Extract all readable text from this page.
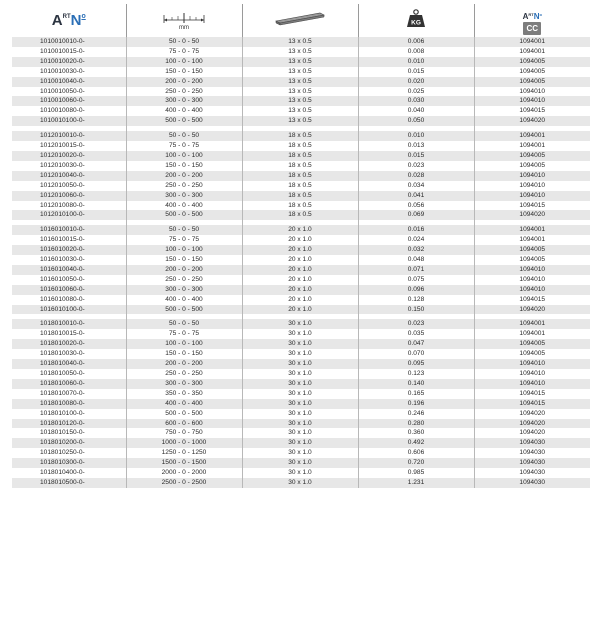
A RT N o	mm		KG	A RT N o
CC

1010010010-0-	50 - 0 - 50	13 x 0.5	0.006	1094001
1010010015-0-	75 - 0 - 75	13 x 0.5	0.008	1094001
1010010020-0-	100 - 0 - 100	13 x 0.5	0.010	1094005
1010010030-0-	150 - 0 - 150	13 x 0.5	0.015	1094005
1010010040-0-	200 - 0 - 200	13 x 0.5	0.020	1094005
1010010050-0-	250 - 0 - 250	13 x 0.5	0.025	1094010
1010010060-0-	300 - 0 - 300	13 x 0.5	0.030	1094010
1010010080-0-	400 - 0 - 400	13 x 0.5	0.040	1094015
1010010100-0-	500 - 0 - 500	13 x 0.5	0.050	1094020

1012010010-0-	50 - 0 - 50	18 x 0.5	0.010	1094001
1012010015-0-	75 - 0 - 75	18 x 0.5	0.013	1094001
1012010020-0-	100 - 0 - 100	18 x 0.5	0.015	1094005
1012010030-0-	150 - 0 - 150	18 x 0.5	0.023	1094005
1012010040-0-	200 - 0 - 200	18 x 0.5	0.028	1094010
1012010050-0-	250 - 0 - 250	18 x 0.5	0.034	1094010
1012010060-0-	300 - 0 - 300	18 x 0.5	0.041	1094010
1012010080-0-	400 - 0 - 400	18 x 0.5	0.056	1094015
1012010100-0-	500 - 0 - 500	18 x 0.5	0.069	1094020

1016010010-0-	50 - 0 - 50	20 x 1.0	0.016	1094001
1016010015-0-	75 - 0 - 75	20 x 1.0	0.024	1094001
1016010020-0-	100 - 0 - 100	20 x 1.0	0.032	1094005
1016010030-0-	150 - 0 - 150	20 x 1.0	0.048	1094005
1016010040-0-	200 - 0 - 200	20 x 1.0	0.071	1094010
1016010050-0-	250 - 0 - 250	20 x 1.0	0.075	1094010
1016010060-0-	300 - 0 - 300	20 x 1.0	0.096	1094010
1016010080-0-	400 - 0 - 400	20 x 1.0	0.128	1094015
1016010100-0-	500 - 0 - 500	20 x 1.0	0.150	1094020

1018010010-0-	50 - 0 - 50	30 x 1.0	0.023	1094001
1018010015-0-	75 - 0 - 75	30 x 1.0	0.035	1094001
1018010020-0-	100 - 0 - 100	30 x 1.0	0.047	1094005
1018010030-0-	150 - 0 - 150	30 x 1.0	0.070	1094005
1018010040-0-	200 - 0 - 200	30 x 1.0	0.095	1094010
1018010050-0-	250 - 0 - 250	30 x 1.0	0.123	1094010
1018010060-0-	300 - 0 - 300	30 x 1.0	0.140	1094010
1018010070-0-	350 - 0 - 350	30 x 1.0	0.165	1094015
1018010080-0-	400 - 0 - 400	30 x 1.0	0.196	1094015
1018010100-0-	500 - 0 - 500	30 x 1.0	0.246	1094020
1018010120-0-	600 - 0 - 600	30 x 1.0	0.280	1094020
1018010150-0-	750 - 0 - 750	30 x 1.0	0.360	1094020
1018010200-0-	1000 - 0 - 1000	30 x 1.0	0.492	1094030
1018010250-0-	1250 - 0 - 1250	30 x 1.0	0.606	1094030
1018010300-0-	1500 - 0 - 1500	30 x 1.0	0.720	1094030
1018010400-0-	2000 - 0 - 2000	30 x 1.0	0.985	1094030
1018010500-0-	2500 - 0 - 2500	30 x 1.0	1.231	1094030
